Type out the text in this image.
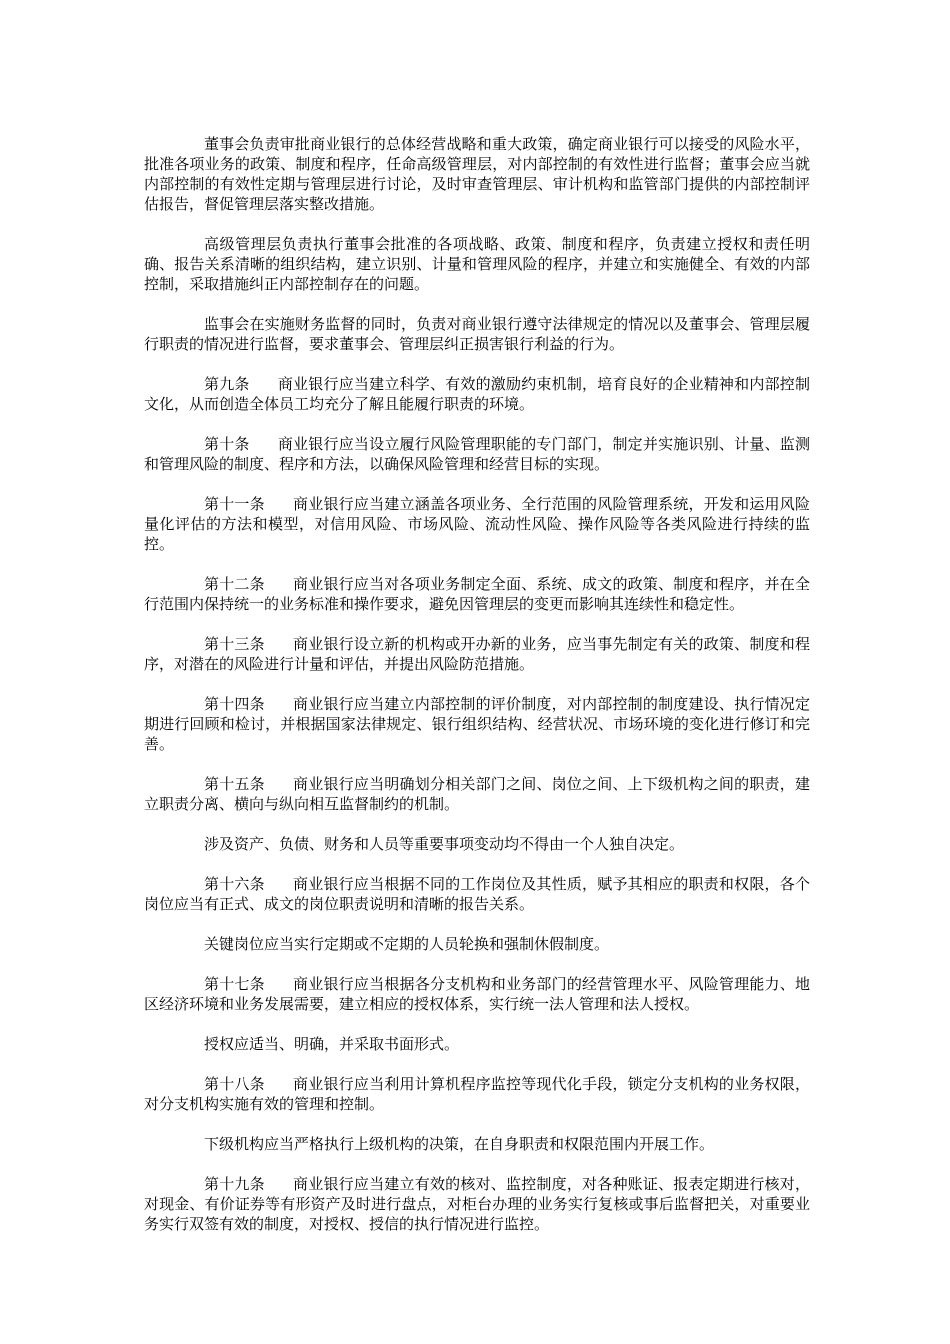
董事会负责审批商业银行的总体经营战略和重大政策，确定商业银行可以接受的风险水平，批准各项业务的政策、制度和程序，任命高级管理层，对内部控制的有效性进行监督；董事会应当就内部控制的有效性定期与管理层进行讨论，及时审查管理层、审计机构和监管部门提供的内部控制评估报告，督促管理层落实整改措施。

高级管理层负责执行董事会批准的各项战略、政策、制度和程序，负责建立授权和责任明确、报告关系清晰的组织结构，建立识别、计量和管理风险的程序，并建立和实施健全、有效的内部控制，采取措施纠正内部控制存在的问题。

监事会在实施财务监督的同时，负责对商业银行遵守法律规定的情况以及董事会、管理层履行职责的情况进行监督，要求董事会、管理层纠正损害银行利益的行为。

第九条 商业银行应当建立科学、有效的激励约束机制，培育良好的企业精神和内部控制文化，从而创造全体员工均充分了解且能履行职责的环境。

第十条 商业银行应当设立履行风险管理职能的专门部门，制定并实施识别、计量、监测和管理风险的制度、程序和方法，以确保风险管理和经营目标的实现。

第十一条 商业银行应当建立涵盖各项业务、全行范围的风险管理系统，开发和运用风险量化评估的方法和模型，对信用风险、市场风险、流动性风险、操作风险等各类风险进行持续的监控。

第十二条 商业银行应当对各项业务制定全面、系统、成文的政策、制度和程序，并在全行范围内保持统一的业务标准和操作要求，避免因管理层的变更而影响其连续性和稳定性。

第十三条 商业银行设立新的机构或开办新的业务，应当事先制定有关的政策、制度和程序，对潜在的风险进行计量和评估，并提出风险防范措施。

第十四条 商业银行应当建立内部控制的评价制度，对内部控制的制度建设、执行情况定期进行回顾和检讨，并根据国家法律规定、银行组织结构、经营状况、市场环境的变化进行修订和完善。

第十五条 商业银行应当明确划分相关部门之间、岗位之间、上下级机构之间的职责，建立职责分离、横向与纵向相互监督制约的机制。

涉及资产、负债、财务和人员等重要事项变动均不得由一个人独自决定。

第十六条 商业银行应当根据不同的工作岗位及其性质，赋予其相应的职责和权限，各个岗位应当有正式、成文的岗位职责说明和清晰的报告关系。

关键岗位应当实行定期或不定期的人员轮换和强制休假制度。

第十七条 商业银行应当根据各分支机构和业务部门的经营管理水平、风险管理能力、地区经济环境和业务发展需要，建立相应的授权体系，实行统一法人管理和法人授权。

授权应适当、明确，并采取书面形式。

第十八条 商业银行应当利用计算机程序监控等现代化手段，锁定分支机构的业务权限，对分支机构实施有效的管理和控制。

下级机构应当严格执行上级机构的决策，在自身职责和权限范围内开展工作。

第十九条 商业银行应当建立有效的核对、监控制度，对各种账证、报表定期进行核对，对现金、有价证券等有形资产及时进行盘点，对柜台办理的业务实行复核或事后监督把关，对重要业务实行双签有效的制度，对授权、授信的执行情况进行监控。
